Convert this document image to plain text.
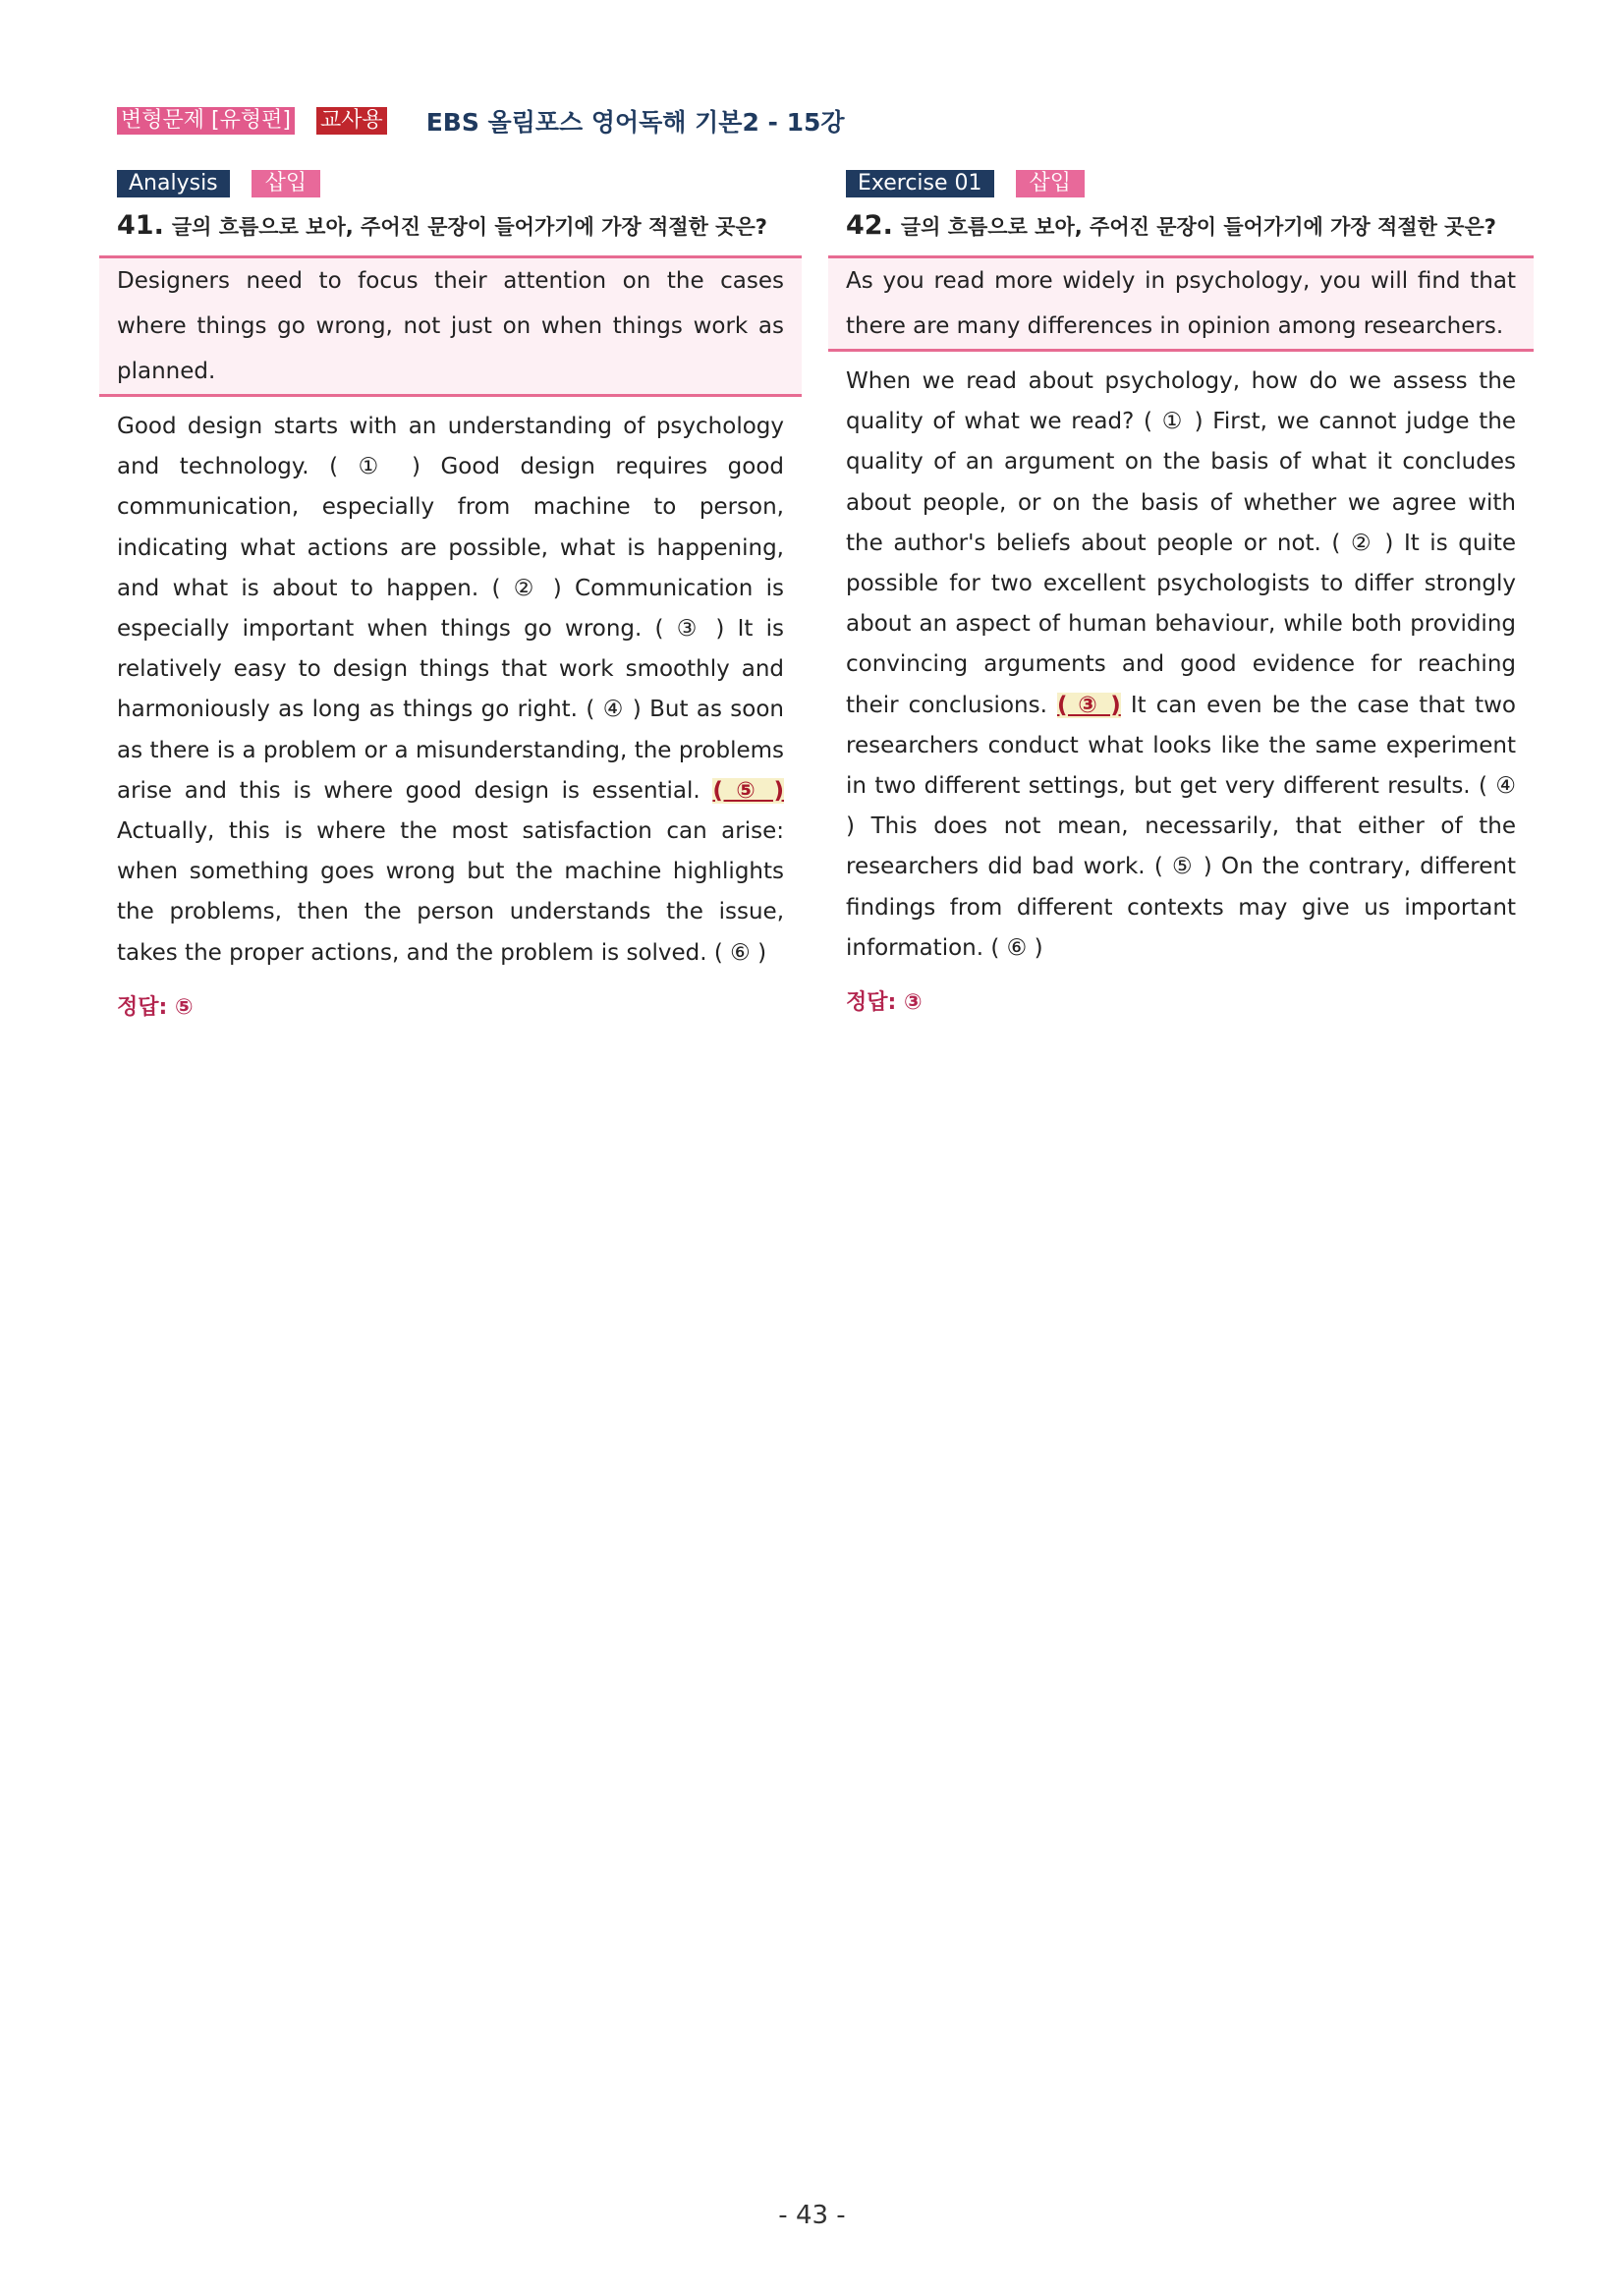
변형문제 [유형편] 교사용 EBS 올림포스 영어독해 기본2 - 15강
Analysis	삽입
41. 글의 흐름으로 보아, 주어진 문장이 들어가기에 가장 적절한 곳은?
Designers need to focus their attention on the cases where things go wrong, not just on when things work as planned.
Good design starts with an understanding of psychology and technology. ( ① ) Good design requires good communication, especially from machine to person, indicating what actions are possible, what is happening, and what is about to happen. ( ② ) Communication is especially important when things go wrong. ( ③ ) It is relatively easy to design things that work smoothly and harmoniously as long as things go right. ( ④ ) But as soon as there is a problem or a misunderstanding, the problems arise and this is where good design is essential. ( ⑤ ) Actually, this is where the most satisfaction can arise: when something goes wrong but the machine highlights the problems, then the person understands the issue, takes the proper actions, and the problem is solved. ( ⑥ )
정답: ⑤
Exercise 01	삽입
42. 글의 흐름으로 보아, 주어진 문장이 들어가기에 가장 적절한 곳은?
As you read more widely in psychology, you will find that there are many differences in opinion among researchers.
When we read about psychology, how do we assess the quality of what we read? ( ① ) First, we cannot judge the quality of an argument on the basis of what it concludes about people, or on the basis of whether we agree with the author's beliefs about people or not. ( ② ) It is quite possible for two excellent psychologists to differ strongly about an aspect of human behaviour, while both providing convincing arguments and good evidence for reaching their conclusions. ( ③ ) It can even be the case that two researchers conduct what looks like the same experiment in two different settings, but get very different results. ( ④ ) This does not mean, necessarily, that either of the researchers did bad work. ( ⑤ ) On the contrary, different findings from different contexts may give us important information. ( ⑥ )
정답: ③
- 43 -
